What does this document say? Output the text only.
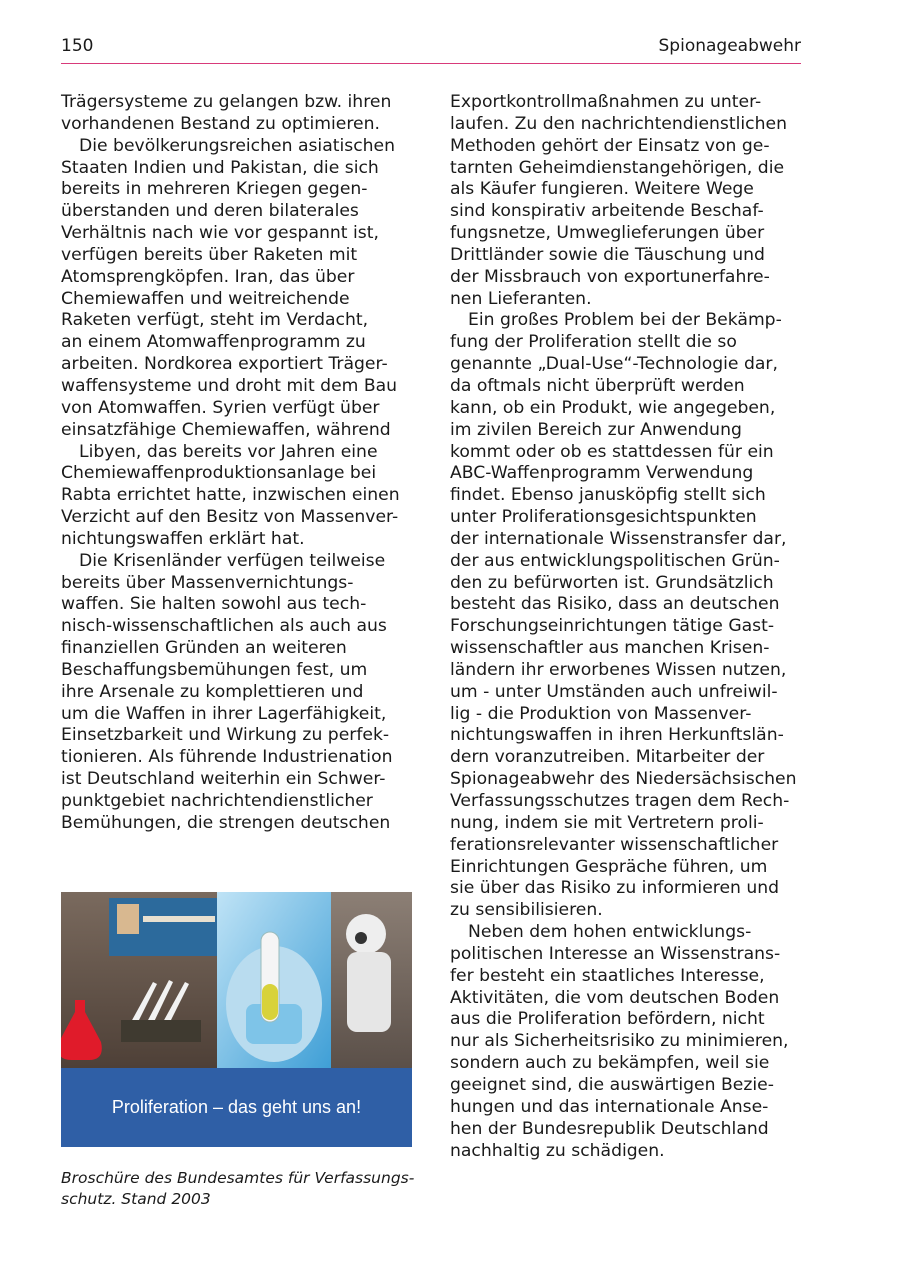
150	Spionageabwehr
Trägersysteme zu gelangen bzw. ihren
vorhandenen Bestand zu optimieren.
Die bevölkerungsreichen asiatischen
Staaten Indien und Pakistan, die sich
bereits in mehreren Kriegen gegen-
überstanden und deren bilaterales
Verhältnis nach wie vor gespannt ist,
verfügen bereits über Raketen mit
Atomsprengköpfen. Iran, das über
Chemiewaffen und weitreichende
Raketen verfügt, steht im Verdacht,
an einem Atomwaffenprogramm zu
arbeiten. Nordkorea exportiert Träger-
waffensysteme und droht mit dem Bau
von Atomwaffen. Syrien verfügt über
einsatzfähige Chemiewaffen, während
Libyen, das bereits vor Jahren eine
Chemiewaffenproduktionsanlage bei
Rabta errichtet hatte, inzwischen einen
Verzicht auf den Besitz von Massenver-
nichtungswaffen erklärt hat.
Die Krisenländer verfügen teilweise
bereits über Massenvernichtungs-
waffen. Sie halten sowohl aus tech-
nisch-wissenschaftlichen als auch aus
finanziellen Gründen an weiteren
Beschaffungsbemühungen fest, um
ihre Arsenale zu komplettieren und
um die Waffen in ihrer Lagerfähigkeit,
Einsetzbarkeit und Wirkung zu perfek-
tionieren. Als führende Industrienation
ist Deutschland weiterhin ein Schwer-
punktgebiet nachrichtendienstlicher
Bemühungen, die strengen deutschen
Exportkontrollmaßnahmen zu unter-
laufen. Zu den nachrichtendienstlichen
Methoden gehört der Einsatz von ge-
tarnten Geheimdienstangehörigen, die
als Käufer fungieren. Weitere Wege
sind konspirativ arbeitende Beschaf-
fungsnetze, Umweglieferungen über
Drittländer sowie die Täuschung und
der Missbrauch von exportunerfahre-
nen Lieferanten.
Ein großes Problem bei der Bekämp-
fung der Proliferation stellt die so
genannte „Dual-Use“-Technologie dar,
da oftmals nicht überprüft werden
kann, ob ein Produkt, wie angegeben,
im zivilen Bereich zur Anwendung
kommt oder ob es stattdessen für ein
ABC-Waffenprogramm Verwendung
findet. Ebenso januskӧpfig stellt sich
unter Proliferationsgesichtspunkten
der internationale Wissenstransfer dar,
der aus entwicklungspolitischen Grün-
den zu befürworten ist. Grundsätzlich
besteht das Risiko, dass an deutschen
Forschungseinrichtungen tätige Gast-
wissenschaftler aus manchen Krisen-
ländern ihr erworbenes Wissen nutzen,
um - unter Umständen auch unfreiwil-
lig - die Produktion von Massenver-
nichtungswaffen in ihren Herkunftslän-
dern voranzutreiben. Mitarbeiter der
Spionageabwehr des Niedersächsischen
Verfassungsschutzes tragen dem Rech-
nung, indem sie mit Vertretern proli-
ferationsrelevanter wissenschaftlicher
Einrichtungen Gespräche führen, um
sie über das Risiko zu informieren und
zu sensibilisieren.
Neben dem hohen entwicklungs-
politischen Interesse an Wissenstrans-
fer besteht ein staatliches Interesse,
Aktivitäten, die vom deutschen Boden
aus die Proliferation befördern, nicht
nur als Sicherheitsrisiko zu minimieren,
sondern auch zu bekämpfen, weil sie
geeignet sind, die auswärtigen Bezie-
hungen und das internationale Anse-
hen der Bundesrepublik Deutschland
nachhaltig zu schädigen.
Proliferation – das geht uns an!
Broschüre des Bundesamtes für Verfassungs-
schutz. Stand 2003
